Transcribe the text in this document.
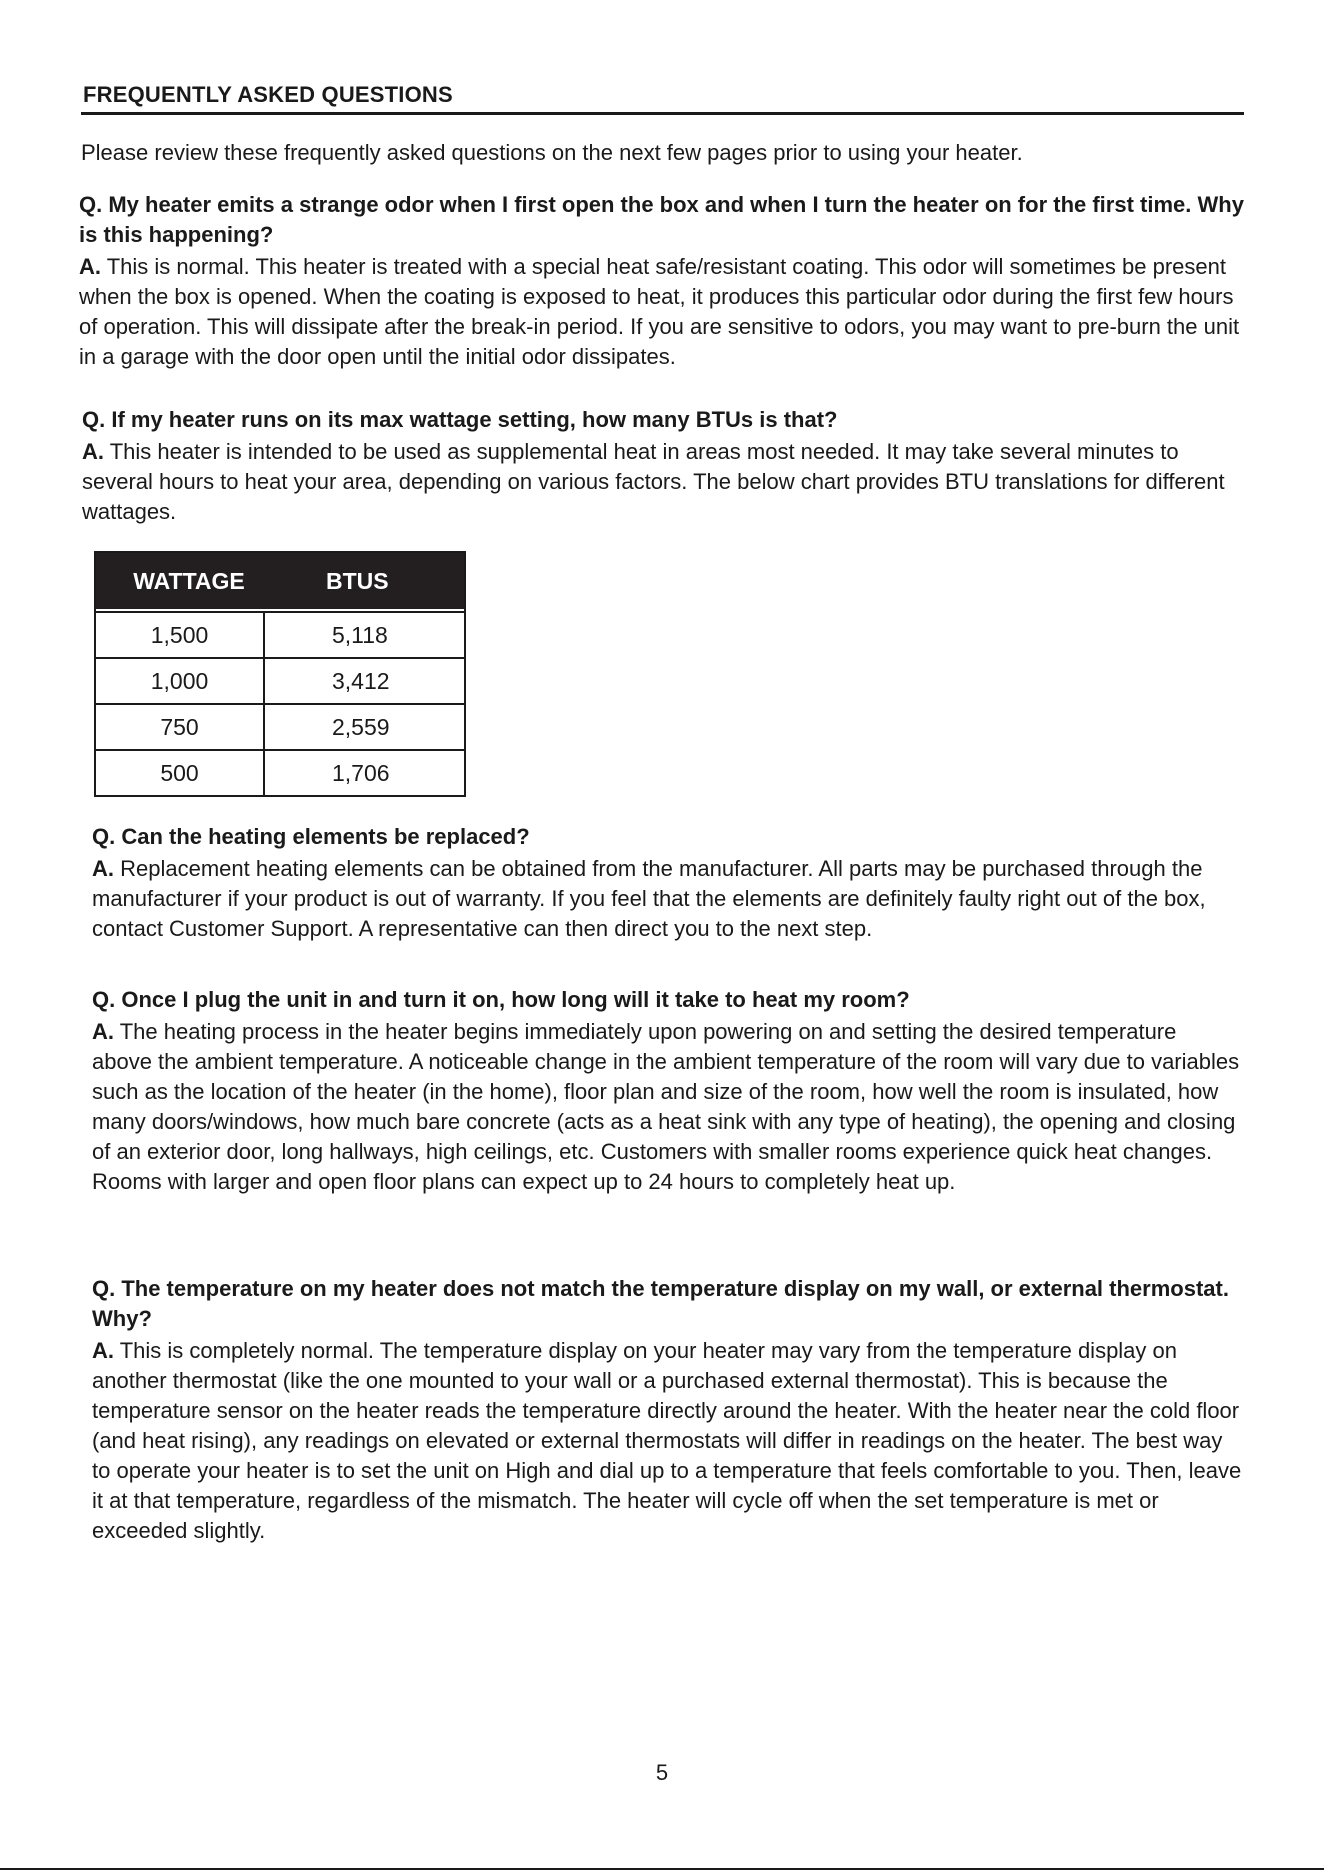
FREQUENTLY ASKED QUESTIONS
Please review these frequently asked questions on the next few pages prior to using your heater.

Q. My heater emits a strange odor when I first open the box and when I turn the heater on for the first time. Why is this happening?

A. This is normal. This heater is treated with a special heat safe/resistant coating. This odor will sometimes be present when the box is opened. When the coating is exposed to heat, it produces this particular odor during the first few hours of operation. This will dissipate after the break-in period. If you are sensitive to odors, you may want to pre-burn the unit in a garage with the door open until the initial odor dissipates.

Q. If my heater runs on its max wattage setting, how many BTUs is that?

A. This heater is intended to be used as supplemental heat in areas most needed. It may take several minutes to several hours to heat your area, depending on various factors. The below chart provides BTU translations for different wattages.

WATTAGE	BTUS
1,500	5,118
1,000	3,412
750	2,559
500	1,706

Q. Can the heating elements be replaced?

A. Replacement heating elements can be obtained from the manufacturer. All parts may be purchased through the manufacturer if your product is out of warranty. If you feel that the elements are definitely faulty right out of the box, contact Customer Support. A representative can then direct you to the next step.

Q. Once I plug the unit in and turn it on, how long will it take to heat my room?

A. The heating process in the heater begins immediately upon powering on and setting the desired temperature above the ambient temperature. A noticeable change in the ambient temperature of the room will vary due to variables such as the location of the heater (in the home), floor plan and size of the room, how well the room is insulated, how many doors/windows, how much bare concrete (acts as a heat sink with any type of heating), the opening and closing of an exterior door, long hallways, high ceilings, etc. Customers with smaller rooms experience quick heat changes. Rooms with larger and open floor plans can expect up to 24 hours to completely heat up.

Q. The temperature on my heater does not match the temperature display on my wall, or external thermostat. Why?

A. This is completely normal. The temperature display on your heater may vary from the temperature display on another thermostat (like the one mounted to your wall or a purchased external thermostat). This is because the temperature sensor on the heater reads the temperature directly around the heater. With the heater near the cold floor (and heat rising), any readings on elevated or external thermostats will differ in readings on the heater. The best way to operate your heater is to set the unit on High and dial up to a temperature that feels comfortable to you. Then, leave it at that temperature, regardless of the mismatch. The heater will cycle off when the set temperature is met or exceeded slightly.

5
